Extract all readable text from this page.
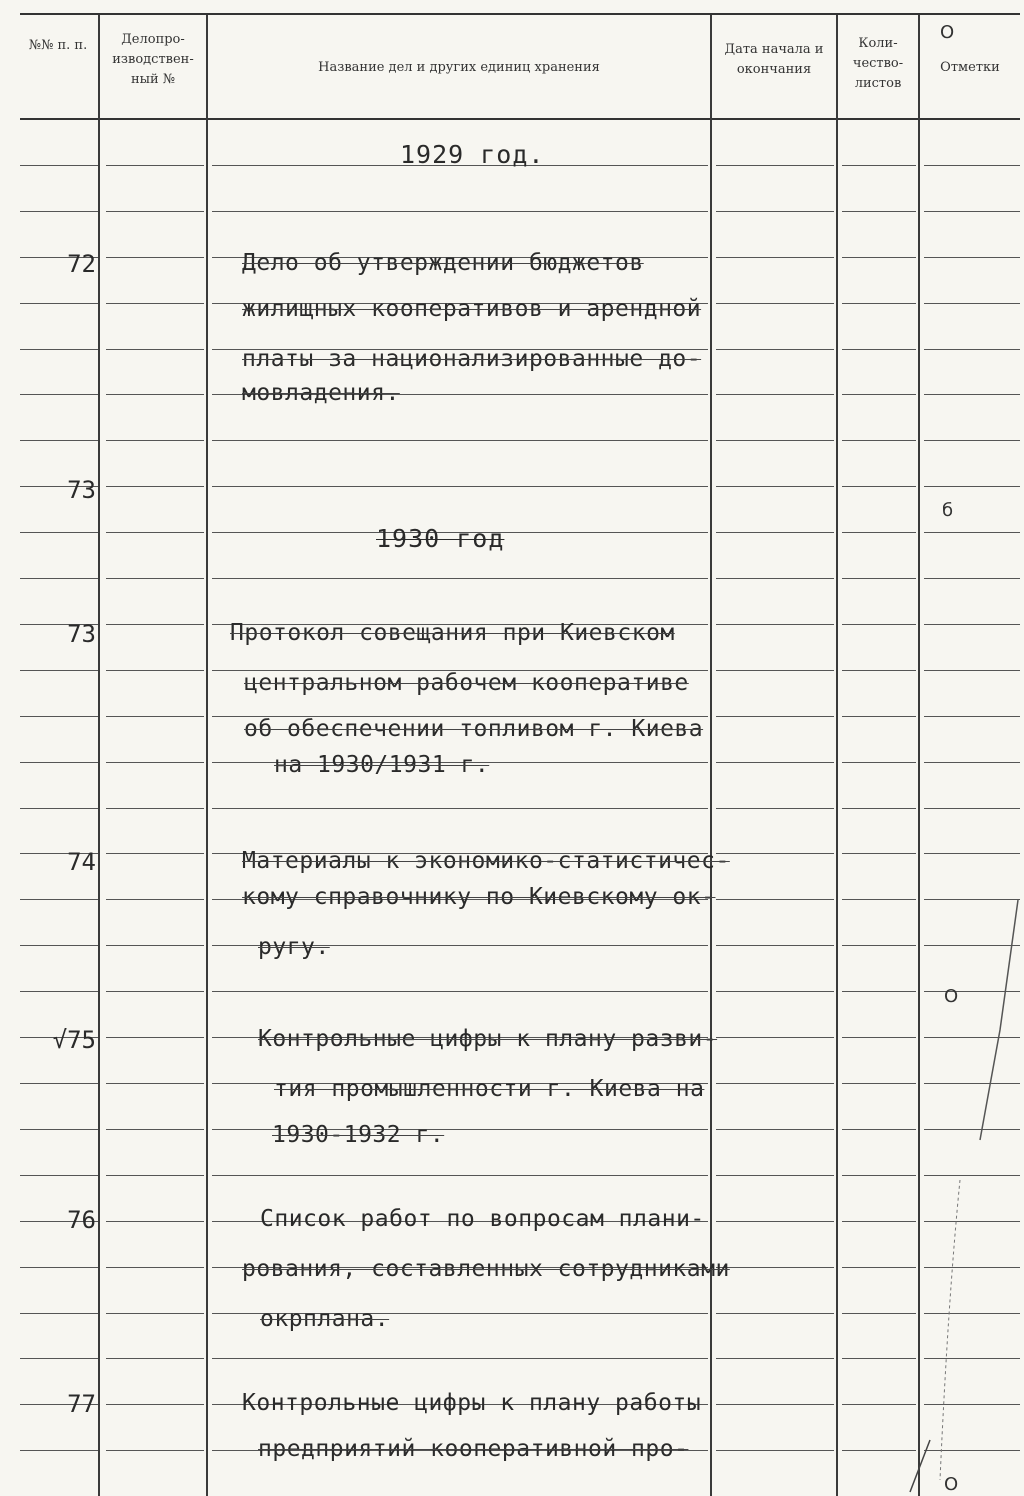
№№ п. п.	Делопро-изводствен-ный №
Название дел и других единиц хранения
Дата начала и окончания
Коли-чество-листов
Отметки
1929 год.
1930 год
72
73
73
74
√75
76
77
Дело об утверждении бюджетов
жилищных кооперативов и арендной
платы за национализированные до-
мовладения.
Протокол совещания при Киевском
центральном рабочем кооперативе
об обеспечении топливом г. Киева
на 1930/1931 г.
Материалы к экономико-статистичес-
кому справочнику по Киевскому ок-
ругу.
Контрольные цифры к плану разви-
тия промышленности г. Киева на
1930-1932 г.
Список работ по вопросам плани-
рования, составленных сотрудниками
окрплана.
Контрольные цифры к плану работы
предприятий кооперативной про-
O
б
O
O
